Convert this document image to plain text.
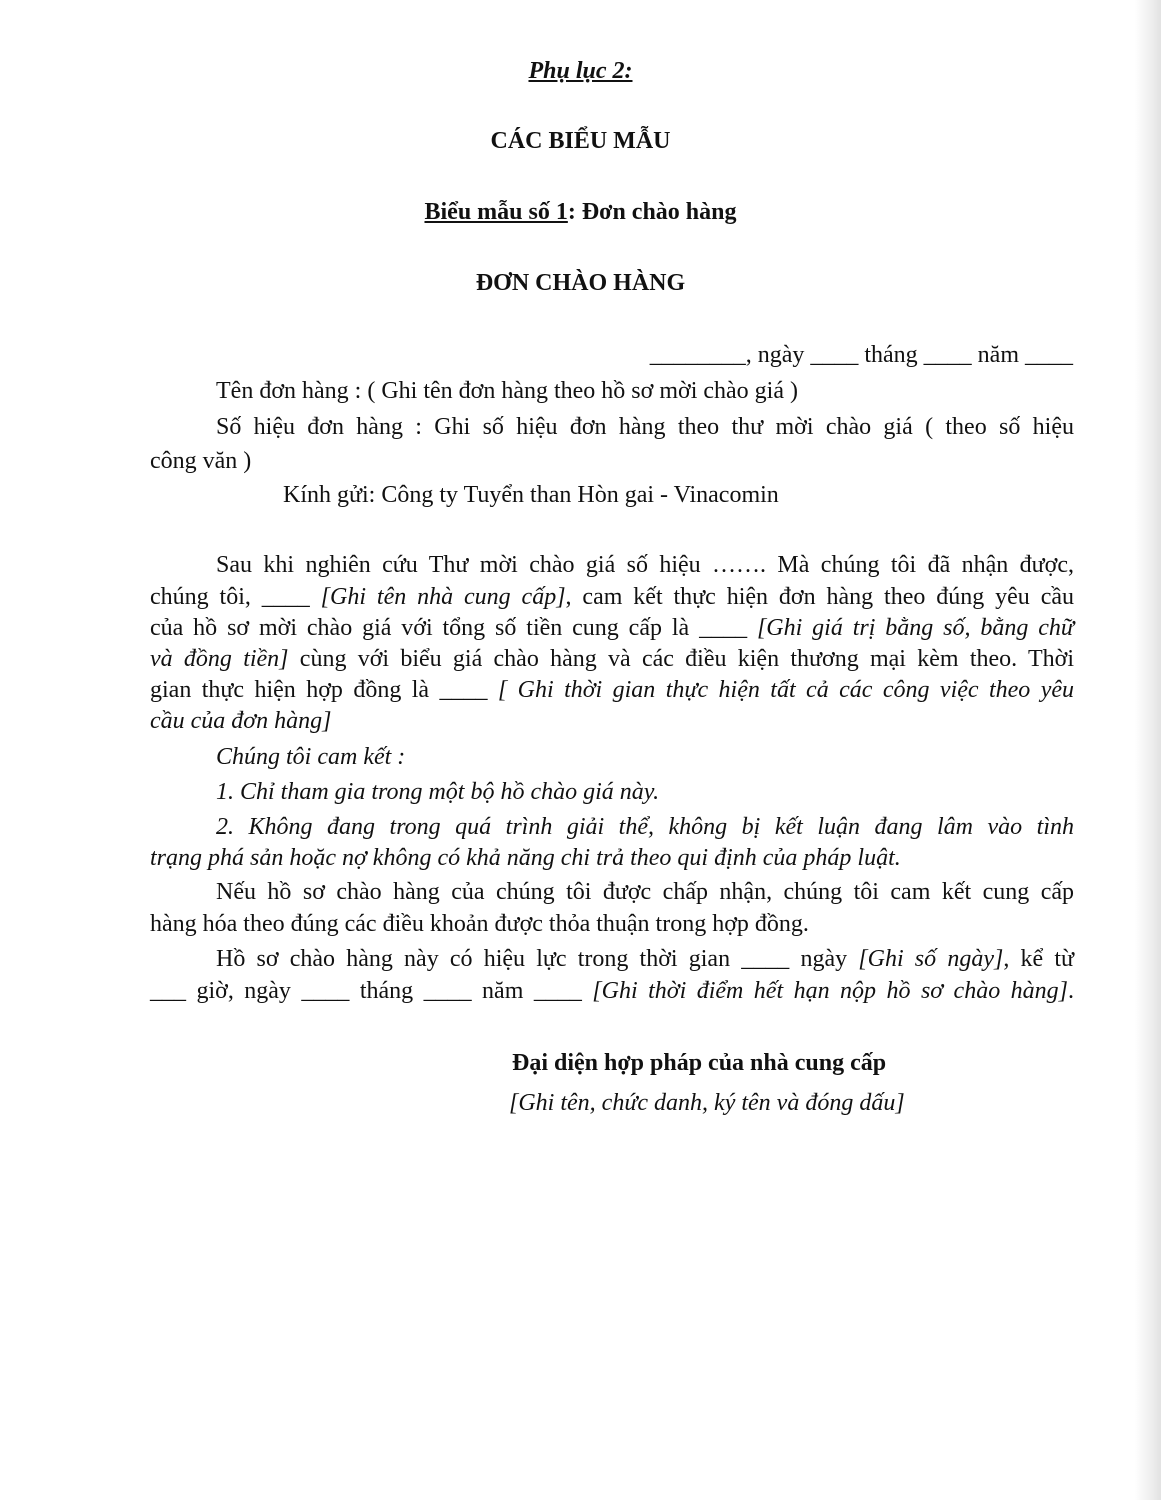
Phụ lục 2:
CÁC BIỂU MẪU
Biểu mẫu số 1: Đơn chào hàng
ĐƠN CHÀO HÀNG
________, ngày ____ tháng ____ năm ____
Tên đơn hàng : ( Ghi tên đơn hàng theo hồ sơ mời chào giá )
Số hiệu đơn hàng : Ghi số hiệu đơn hàng theo thư mời chào giá ( theo số hiệu
công văn )
Kính gửi: Công ty Tuyển than Hòn gai - Vinacomin
Sau khi nghiên cứu Thư mời chào giá số hiệu ……. Mà chúng tôi đã nhận được,
chúng tôi, ____ [Ghi tên nhà cung cấp], cam kết thực hiện đơn hàng theo đúng yêu cầu
của hồ sơ mời chào giá với tổng số tiền cung cấp là ____ [Ghi giá trị bằng số, bằng chữ
và đồng tiền] cùng với biểu giá chào hàng và các điều kiện thương mại kèm theo. Thời
gian thực hiện hợp đồng là ____ [ Ghi thời gian thực hiện tất cả các công việc theo yêu
cầu của đơn hàng]
Chúng tôi cam kết :
1. Chỉ tham gia trong một bộ hồ chào giá này.
2. Không đang trong quá trình giải thể, không bị kết luận đang lâm vào tình
trạng phá sản hoặc nợ không có khả năng chi trả theo qui định của pháp luật.
Nếu hồ sơ chào hàng của chúng tôi được chấp nhận, chúng tôi cam kết cung cấp
hàng hóa theo đúng các điều khoản được thỏa thuận trong hợp đồng.
Hồ sơ chào hàng này có hiệu lực trong thời gian ____ ngày [Ghi số ngày], kể từ
___ giờ, ngày ____ tháng ____ năm ____ [Ghi thời điểm hết hạn nộp hồ sơ chào hàng].
Đại diện hợp pháp của nhà cung cấp
[Ghi tên, chức danh, ký tên và đóng dấu]
